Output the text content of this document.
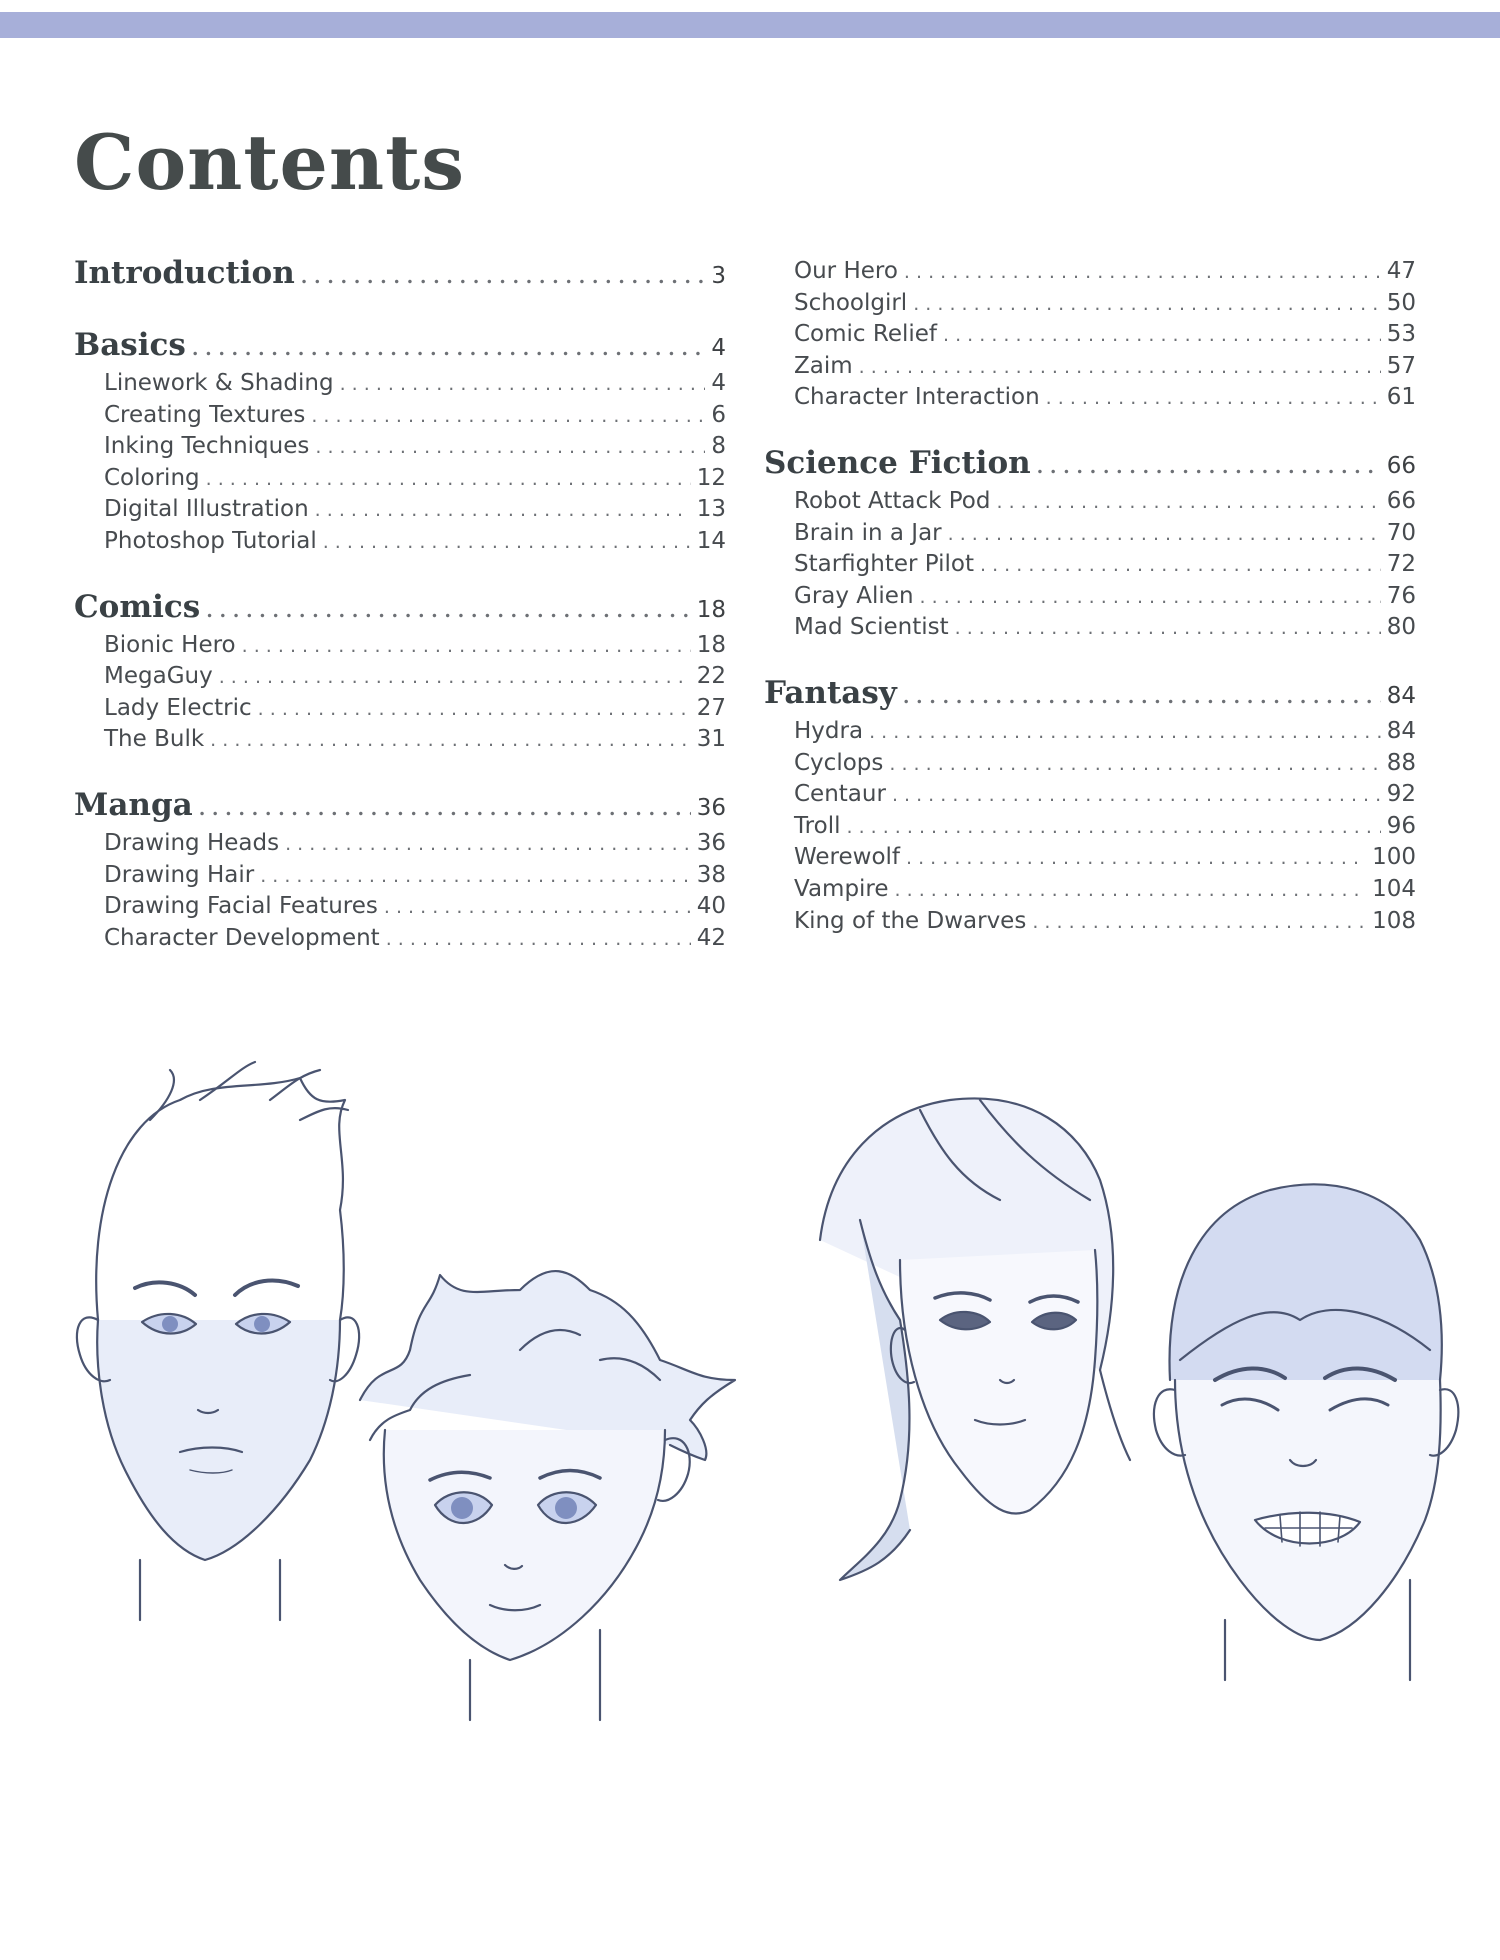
Contents
Introduction . . .	3
Basics . . .	4
Linework & Shading . . .	4
Creating Textures . . .	6
Inking Techniques . . .	8
Coloring . . .	12
Digital Illustration . . .	13
Photoshop Tutorial . . .	14
Comics . . .	18
Bionic Hero . . .	18
MegaGuy . . .	22
Lady Electric . . .	27
The Bulk . . .	31
Manga . . .	36
Drawing Heads . . .	36
Drawing Hair . . .	38
Drawing Facial Features . . .	40
Character Development . . .	42
Our Hero . . .	47
Schoolgirl . . .	50
Comic Relief . . .	53
Zaim . . .	57
Character Interaction . . .	61
Science Fiction . . .	66
Robot Attack Pod . . .	66
Brain in a Jar . . .	70
Starfighter Pilot . . .	72
Gray Alien . . .	76
Mad Scientist . . .	80
Fantasy . . .	84
Hydra . . .	84
Cyclops . . .	88
Centaur . . .	92
Troll . . .	96
Werewolf . . .	100
Vampire . . .	104
King of the Dwarves . . .	108
